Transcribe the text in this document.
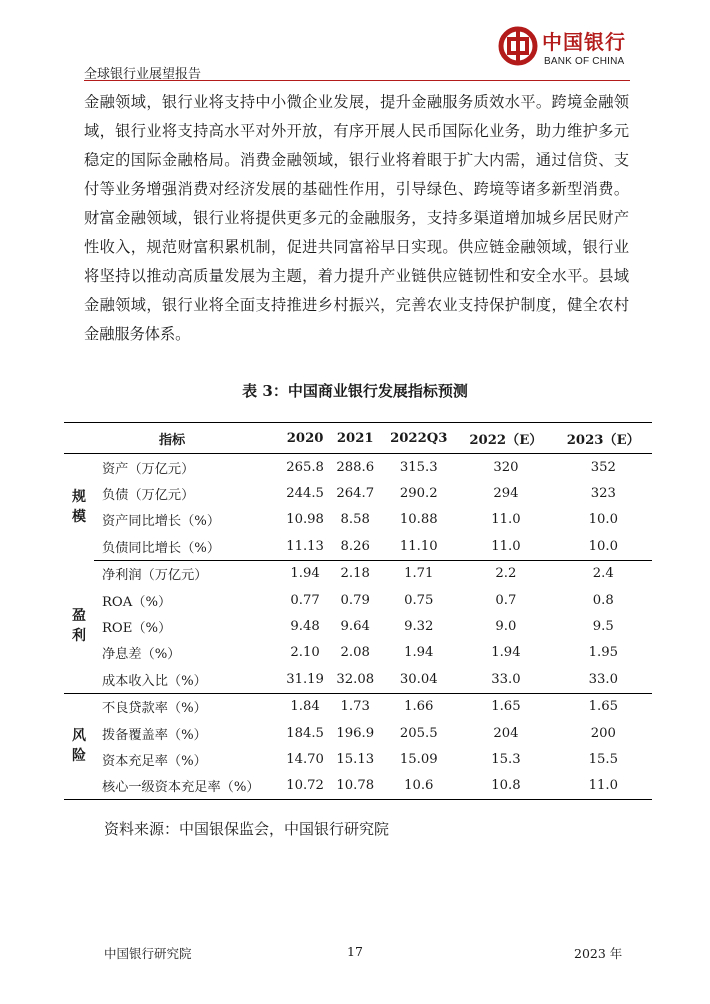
全球银行业展望报告
中国银行
BANK OF CHINA
金融领域，银行业将支持中小微企业发展，提升金融服务质效水平。跨境金融领域，银行业将支持高水平对外开放，有序开展人民币国际化业务，助力维护多元稳定的国际金融格局。消费金融领域，银行业将着眼于扩大内需，通过信贷、支付等业务增强消费对经济发展的基础性作用，引导绿色、跨境等诸多新型消费。财富金融领域，银行业将提供更多元的金融服务，支持多渠道增加城乡居民财产性收入，规范财富积累机制，促进共同富裕早日实现。供应链金融领域，银行业将坚持以推动高质量发展为主题，着力提升产业链供应链韧性和安全水平。县域金融领域，银行业将全面支持推进乡村振兴，完善农业支持保护制度，健全农村金融服务体系。
表 3：中国商业银行发展指标预测
指标		2020	2021	2022Q3	2022（E）	2023（E）
规模	资产（万亿元）	265.8	288.6	315.3	320	352
	负债（万亿元）	244.5	264.7	290.2	294	323
	资产同比增长（%）	10.98	8.58	10.88	11.0	10.0
	负债同比增长（%）	11.13	8.26	11.10	11.0	10.0
盈利	净利润（万亿元）	1.94	2.18	1.71	2.2	2.4
	ROA（%）	0.77	0.79	0.75	0.7	0.8
	ROE（%）	9.48	9.64	9.32	9.0	9.5
	净息差（%）	2.10	2.08	1.94	1.94	1.95
	成本收入比（%）	31.19	32.08	30.04	33.0	33.0
风险	不良贷款率（%）	1.84	1.73	1.66	1.65	1.65
	拨备覆盖率（%）	184.5	196.9	205.5	204	200
	资本充足率（%）	14.70	15.13	15.09	15.3	15.5
	核心一级资本充足率（%）	10.72	10.78	10.6	10.8	11.0
资料来源：中国银保监会，中国银行研究院
中国银行研究院	17	2023 年
